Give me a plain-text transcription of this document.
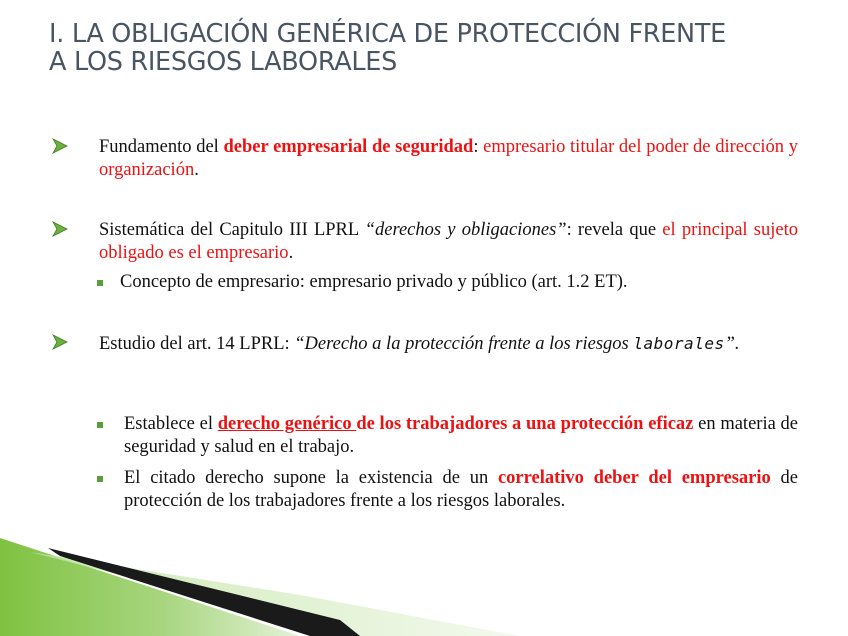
I. LA OBLIGACIÓN GENÉRICA DE PROTECCIÓN FRENTE
A LOS RIESGOS LABORALES
Fundamento del deber empresarial de seguridad: empresario titular del poder de dirección y organización.
Sistemática del Capitulo III LPRL “derechos y obligaciones”: revela que el principal sujeto obligado es el empresario.
Concepto de empresario: empresario privado y público (art. 1.2 ET).
Estudio del art. 14 LPRL: “Derecho a la protección frente a los riesgos laborales”.
Establece el derecho genérico de los trabajadores a una protección eficaz en materia de seguridad y salud en el trabajo.
El citado derecho supone la existencia de un correlativo deber del empresario de protección de los trabajadores frente a los riesgos laborales.
